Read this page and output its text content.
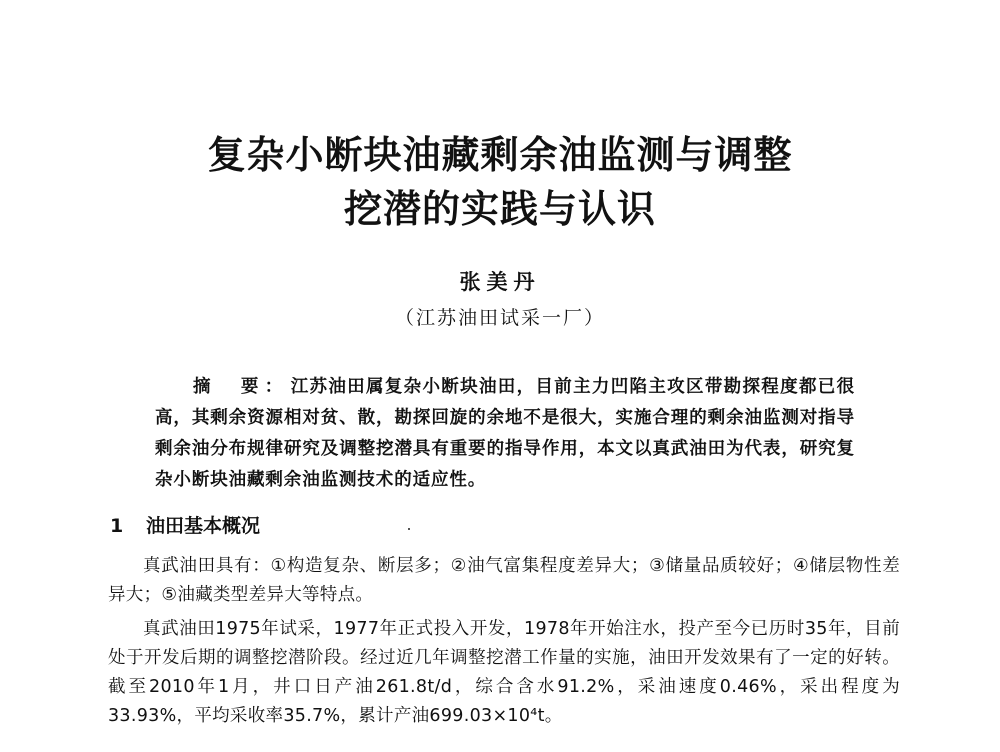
复杂小断块油藏剩余油监测与调整
挖潜的实践与认识
张美丹
（江苏油田试采一厂）
摘　要： 江苏油田属复杂小断块油田，目前主力凹陷主攻区带勘探程度都已很高，其剩余资源相对贫、散，勘探回旋的余地不是很大，实施合理的剩余油监测对指导剩余油分布规律研究及调整挖潜具有重要的指导作用，本文以真武油田为代表，研究复杂小断块油藏剩余油监测技术的适应性。
1 油田基本概况

真武油田具有：①构造复杂、断层多；②油气富集程度差异大；③储量品质较好；④储层物性差异大；⑤油藏类型差异大等特点。

真武油田1975年试采，1977年正式投入开发，1978年开始注水，投产至今已历时35年，目前处于开发后期的调整挖潜阶段。经过近几年调整挖潜工作量的实施，油田开发效果有了一定的好转。截至2010年1月，井口日产油261.8t/d，综合含水91.2%，采油速度0.46%，采出程度为33.93%，平均采收率35.7%，累计产油699.03×10⁴t。
